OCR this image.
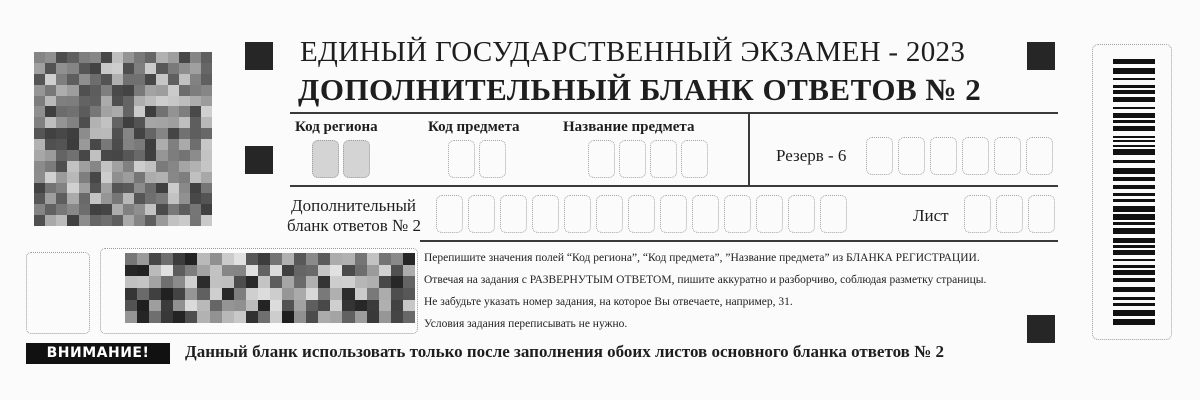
ЕДИНЫЙ ГОСУДАРСТВЕННЫЙ ЭКЗАМЕН - 2023
ДОПОЛНИТЕЛЬНЫЙ БЛАНК ОТВЕТОВ № 2
Код региона	Код предмета	Название предмета
Резерв - 6
Дополнительный
бланк ответов № 2
Лист
Перепишите значения полей “Код региона”, “Код предмета”, ”Название предмета” из БЛАНКА РЕГИСТРАЦИИ.
Отвечая на задания с РАЗВЕРНУТЫМ ОТВЕТОМ, пишите аккуратно и разборчиво, соблюдая разметку страницы.
Не забудьте указать номер задания, на которое Вы отвечаете, например, 31.
Условия задания переписывать не нужно.
ВНИМАНИЕ!	Данный бланк использовать только после заполнения обоих листов основного бланка ответов № 2
